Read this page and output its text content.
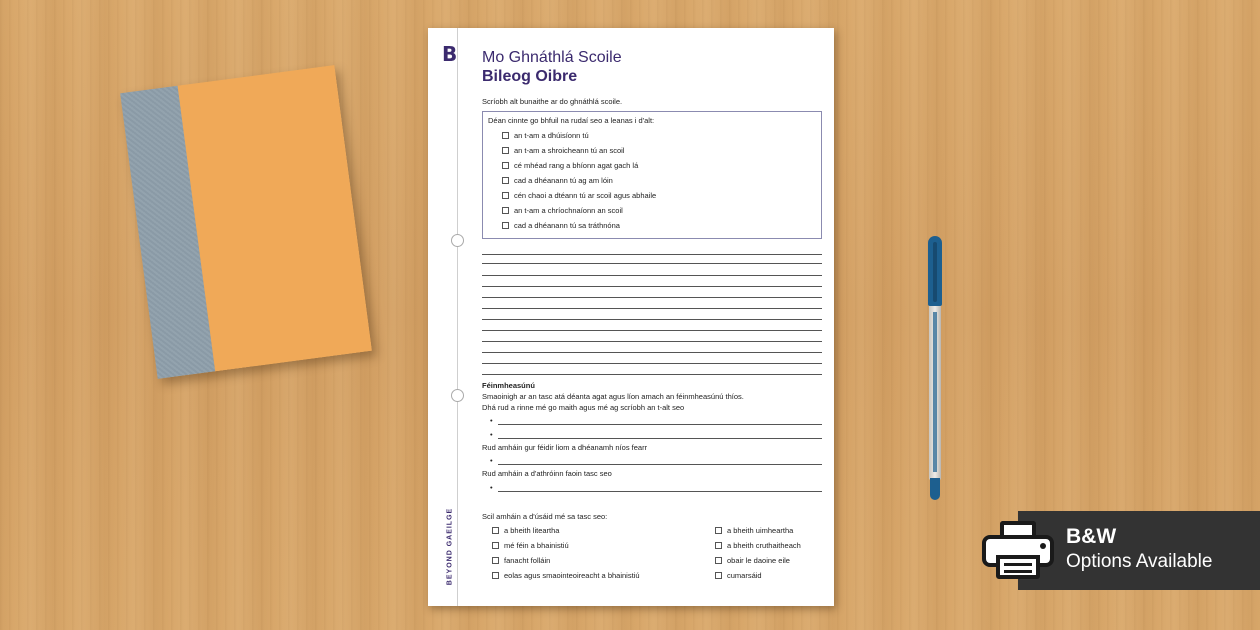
B
BEYOND GAEILGE
Mo Ghnáthlá Scoile
Bileog Oibre
Scríobh alt bunaithe ar do ghnáthlá scoile.
Déan cinnte go bhfuil na rudaí seo a leanas i d'alt:
an t-am a dhúisíonn tú
an t-am a shroicheann tú an scoil
cé mhéad rang a bhíonn agat gach lá
cad a dhéanann tú ag am lóin
cén chaoi a dtéann tú ar scoil agus abhaile
an t-am a chríochnaíonn an scoil
cad a dhéanann tú sa tráthnóna
Féinmheasúnú
Smaoinigh ar an tasc atá déanta agat agus líon amach an féinmheasúnú thíos.
Dhá rud a rinne mé go maith agus mé ag scríobh an t-alt seo
•
•
Rud amháin gur féidir liom a dhéanamh níos fearr
•
Rud amháin a d'athróinn faoin tasc seo
•
Scil amháin a d'úsáid mé sa tasc seo:
a bheith liteartha
mé féin a bhainistiú
fanacht folláin
eolas agus smaointeoireacht a bhainistiú
a bheith uimheartha
a bheith cruthaitheach
obair le daoine eile
cumarsáid
B&W
Options Available
